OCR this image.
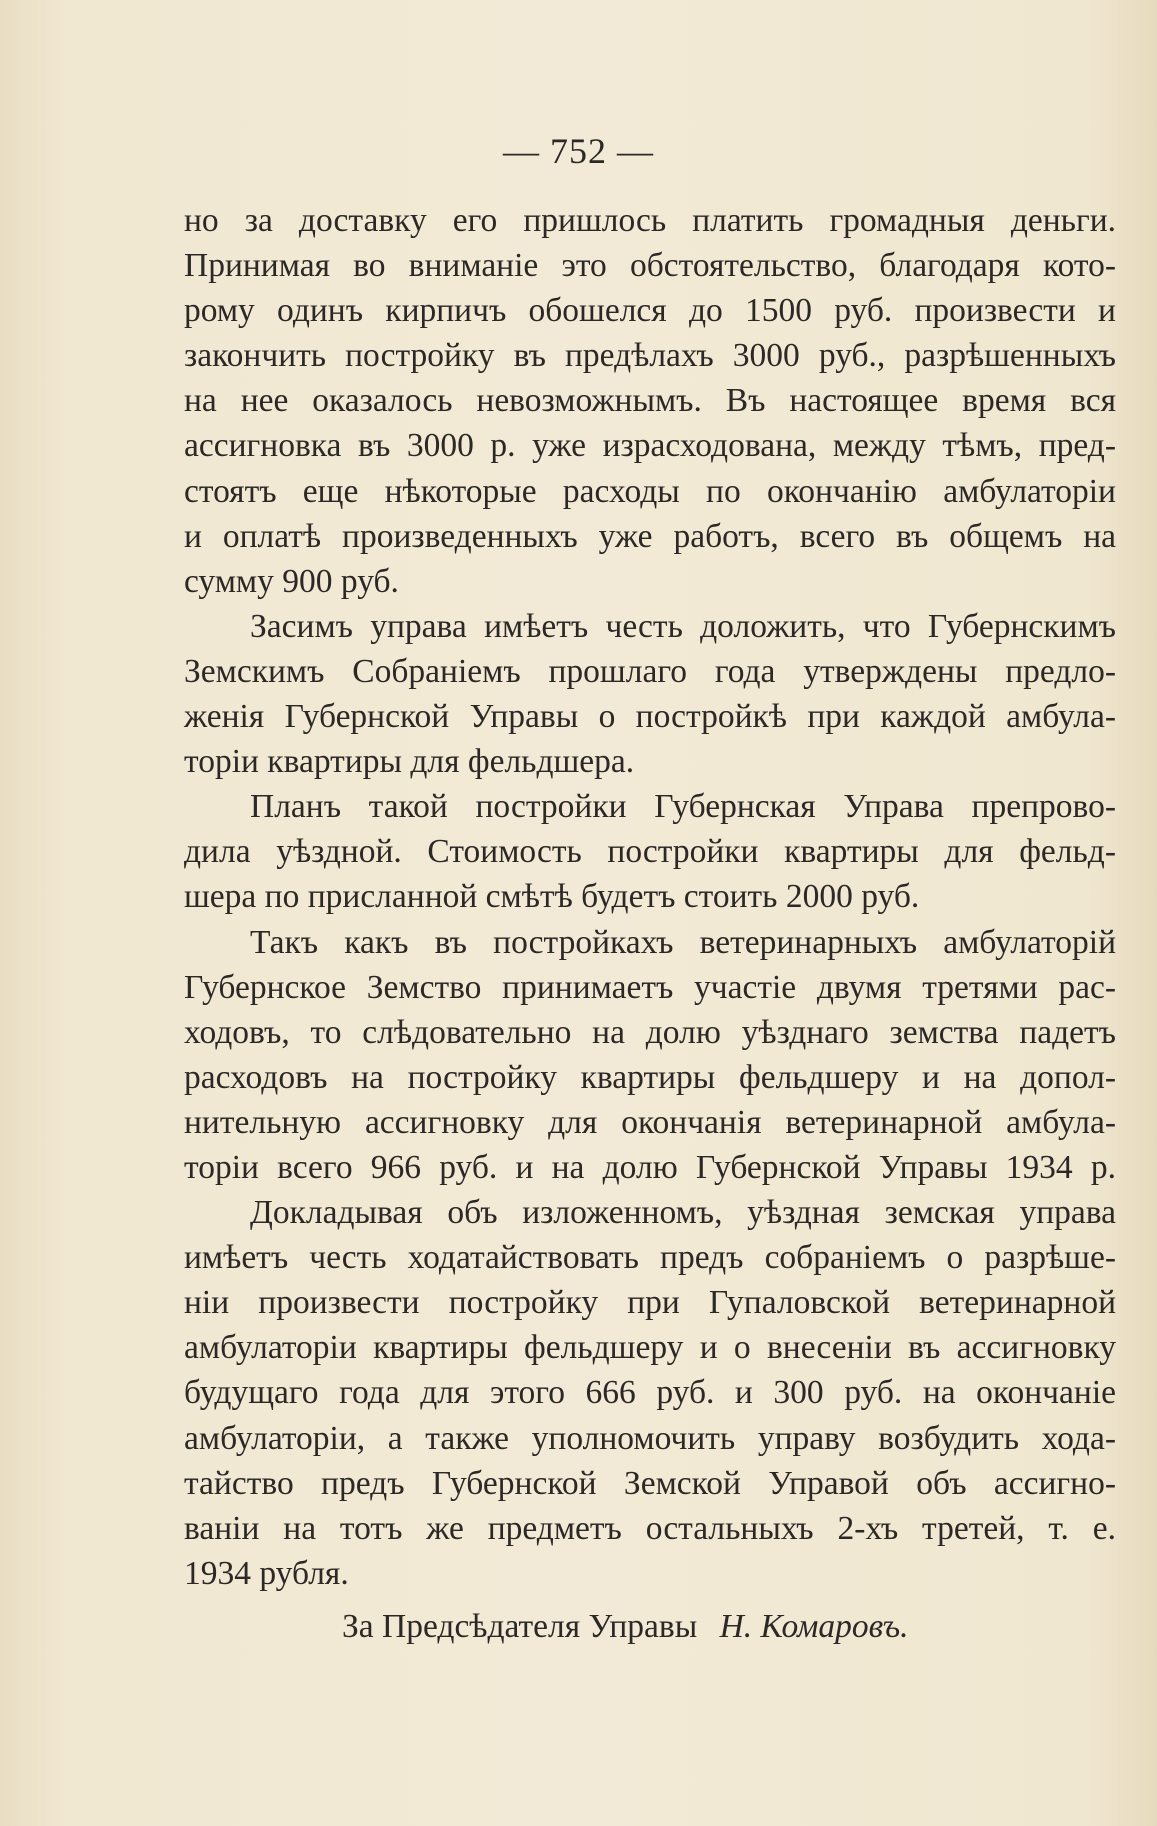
— 752 —
но за доставку его пришлось платить громадныя деньги.
Принимая во вниманіе это обстоятельство, благодаря кото-
рому одинъ кирпичъ обошелся до 1500 руб. произвести и
закончить постройку въ предѣлахъ 3000 руб., разрѣшенныхъ
на нее оказалось невозможнымъ. Въ настоящее время вся
ассигновка въ 3000 р. уже израсходована, между тѣмъ, пред-
стоятъ еще нѣкоторые расходы по окончанію амбулаторіи
и оплатѣ произведенныхъ уже работъ, всего въ общемъ на
сумму 900 руб.
Засимъ управа имѣетъ честь доложить, что Губернскимъ
Земскимъ Собраніемъ прошлаго года утверждены предло-
женія Губернской Управы о постройкѣ при каждой амбула-
торіи квартиры для фельдшера.
Планъ такой постройки Губернская Управа препрово-
дила уѣздной. Стоимость постройки квартиры для фельд-
шера по присланной смѣтѣ будетъ стоить 2000 руб.
Такъ какъ въ постройкахъ ветеринарныхъ амбулаторій
Губернское Земство принимаетъ участіе двумя третями рас-
ходовъ, то слѣдовательно на долю уѣзднаго земства падетъ
расходовъ на постройку квартиры фельдшеру и на допол-
нительную ассигновку для окончанія ветеринарной амбула-
торіи всего 966 руб. и на долю Губернской Управы 1934 р.
Докладывая объ изложенномъ, уѣздная земская управа
имѣетъ честь ходатайствовать предъ собраніемъ о разрѣше-
ніи произвести постройку при Гупаловской ветеринарной
амбулаторіи квартиры фельдшеру и о внесеніи въ ассигновку
будущаго года для этого 666 руб. и 300 руб. на окончаніе
амбулаторіи, а также уполномочить управу возбудить хода-
тайство предъ Губернской Земской Управой объ ассигно-
ваніи на тотъ же предметъ остальныхъ 2-хъ третей, т. е.
1934 рубля.
За Предсѣдателя Управы Н. Комаровъ.
